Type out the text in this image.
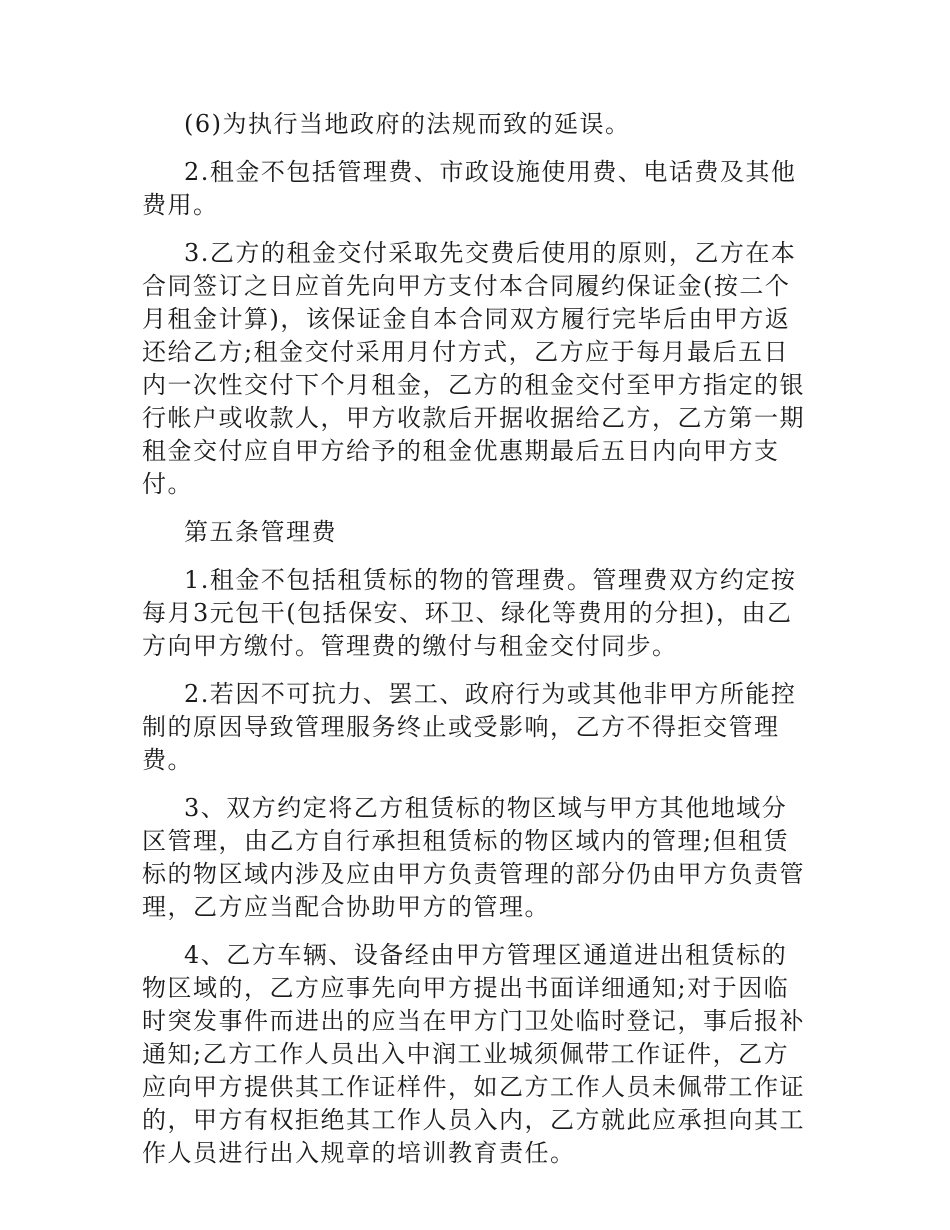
(6)为执行当地政府的法规而致的延误。

2.租金不包括管理费、市政设施使用费、电话费及其他费用。

3.乙方的租金交付采取先交费后使用的原则，乙方在本合同签订之日应首先向甲方支付本合同履约保证金(按二个月租金计算)，该保证金自本合同双方履行完毕后由甲方返还给乙方;租金交付采用月付方式，乙方应于每月最后五日内一次性交付下个月租金，乙方的租金交付至甲方指定的银行帐户或收款人，甲方收款后开据收据给乙方，乙方第一期租金交付应自甲方给予的租金优惠期最后五日内向甲方支付。

第五条管理费

1.租金不包括租赁标的物的管理费。管理费双方约定按每月3元包干(包括保安、环卫、绿化等费用的分担)，由乙方向甲方缴付。管理费的缴付与租金交付同步。

2.若因不可抗力、罢工、政府行为或其他非甲方所能控制的原因导致管理服务终止或受影响，乙方不得拒交管理费。

3、双方约定将乙方租赁标的物区域与甲方其他地域分区管理，由乙方自行承担租赁标的物区域内的管理;但租赁标的物区域内涉及应由甲方负责管理的部分仍由甲方负责管理，乙方应当配合协助甲方的管理。

4、乙方车辆、设备经由甲方管理区通道进出租赁标的物区域的，乙方应事先向甲方提出书面详细通知;对于因临时突发事件而进出的应当在甲方门卫处临时登记，事后报补通知;乙方工作人员出入中润工业城须佩带工作证件，乙方应向甲方提供其工作证样件，如乙方工作人员未佩带工作证的，甲方有权拒绝其工作人员入内，乙方就此应承担向其工作人员进行出入规章的培训教育责任。
